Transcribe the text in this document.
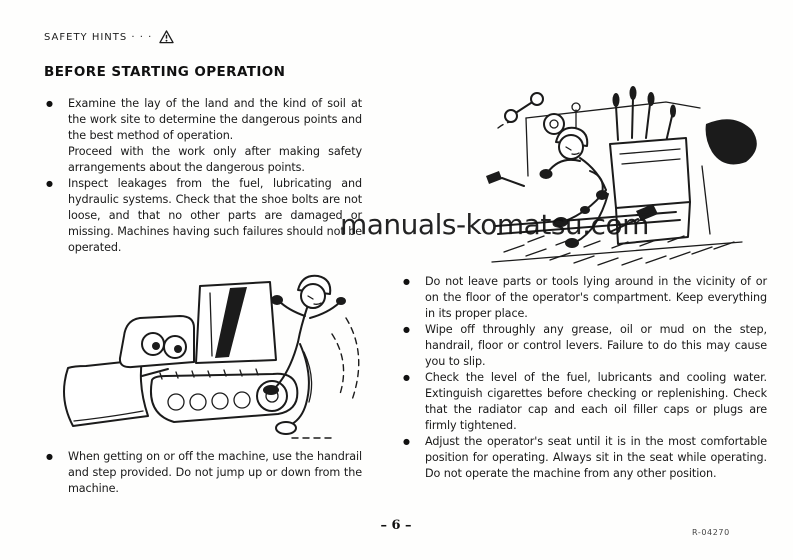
SAFETY HINTS · · ·
BEFORE STARTING OPERATION
●	Examine the lay of the land and the kind of soil at the work site to determine the dangerous points and the best method of operation.

Proceed with the work only after making safety arrangements about the dangerous points.

●	Inspect leakages from the fuel, lubricating and hydraulic systems. Check that the shoe bolts are not loose, and that no other parts are damaged or missing. Machines having such failures should not be operated.

manuals-komatsu.com
●	Do not leave parts or tools lying around in the vicinity of or on the floor of the operator's compartment. Keep everything in its proper place.

●	Wipe off throughly any grease, oil or mud on the step, handrail, floor or control levers. Failure to do this may cause you to slip.

●	Check the level of the fuel, lubricants and cooling water. Extinguish cigarettes before checking or replenishing. Check that the radiator cap and each oil filler caps or plugs are firmly tightened.

●	Adjust the operator's seat until it is in the most comfortable position for operating. Always sit in the seat while operating. Do not operate the machine from any other position.

●	When getting on or off the machine, use the handrail and step provided. Do not jump up or down from the machine.

– 6 –	R-04270
